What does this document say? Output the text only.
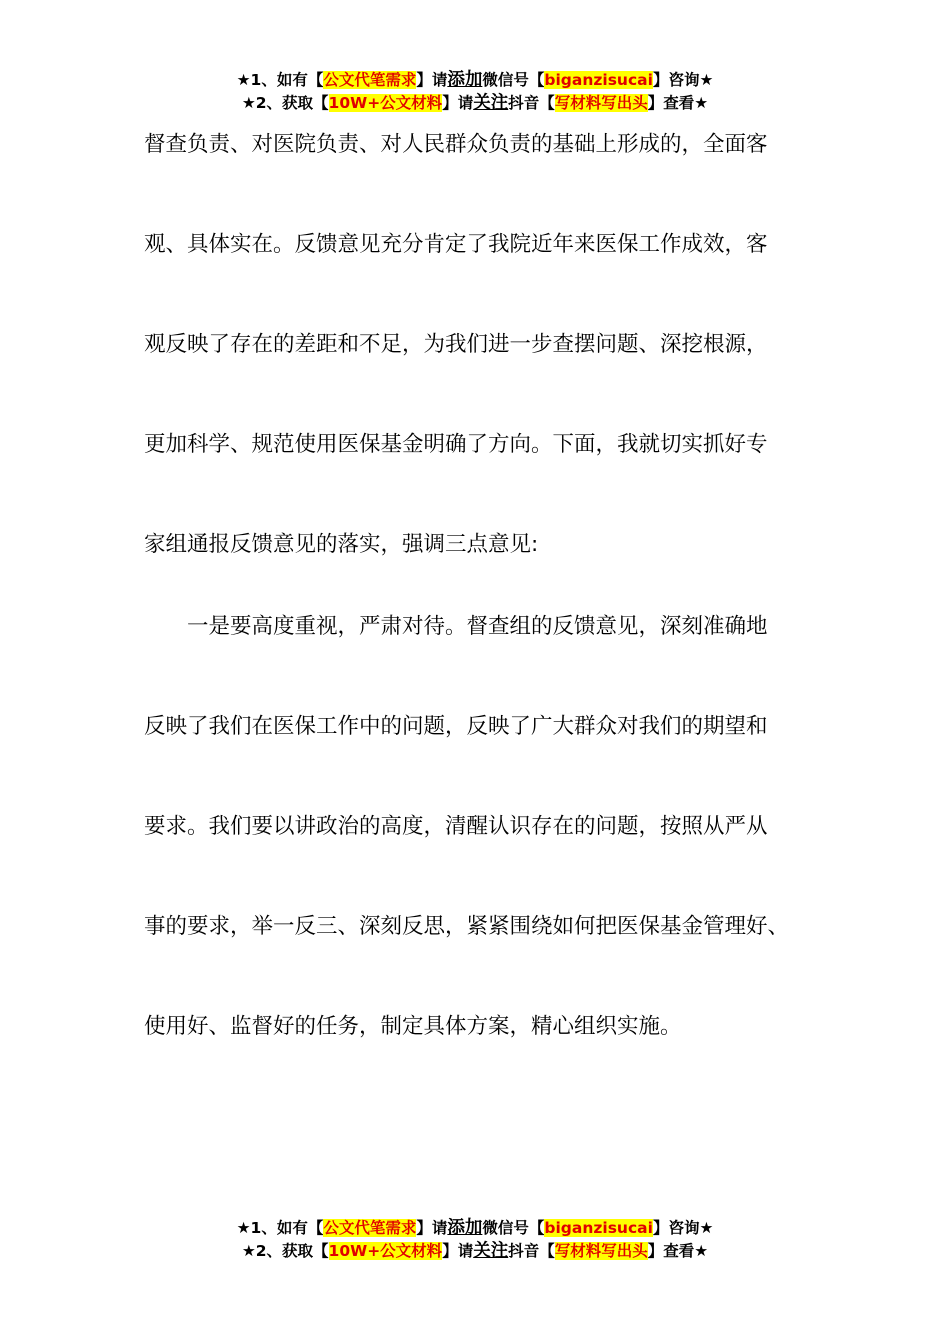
★1、如有【公文代笔需求】请添加微信号【biganzisucai】咨询★
★2、获取【10W+公文材料】请关注抖音【写材料写出头】查看★
督查负责、对医院负责、对人民群众负责的基础上形成的，全面客
观、具体实在。反馈意见充分肯定了我院近年来医保工作成效，客
观反映了存在的差距和不足，为我们进一步查摆问题、深挖根源，
更加科学、规范使用医保基金明确了方向。下面，我就切实抓好专
家组通报反馈意见的落实，强调三点意见:
　　一是要高度重视，严肃对待。督查组的反馈意见，深刻准确地
反映了我们在医保工作中的问题，反映了广大群众对我们的期望和
要求。我们要以讲政治的高度，清醒认识存在的问题，按照从严从
事的要求，举一反三、深刻反思，紧紧围绕如何把医保基金管理好、
使用好、监督好的任务，制定具体方案，精心组织实施。
★1、如有【公文代笔需求】请添加微信号【biganzisucai】咨询★
★2、获取【10W+公文材料】请关注抖音【写材料写出头】查看★
